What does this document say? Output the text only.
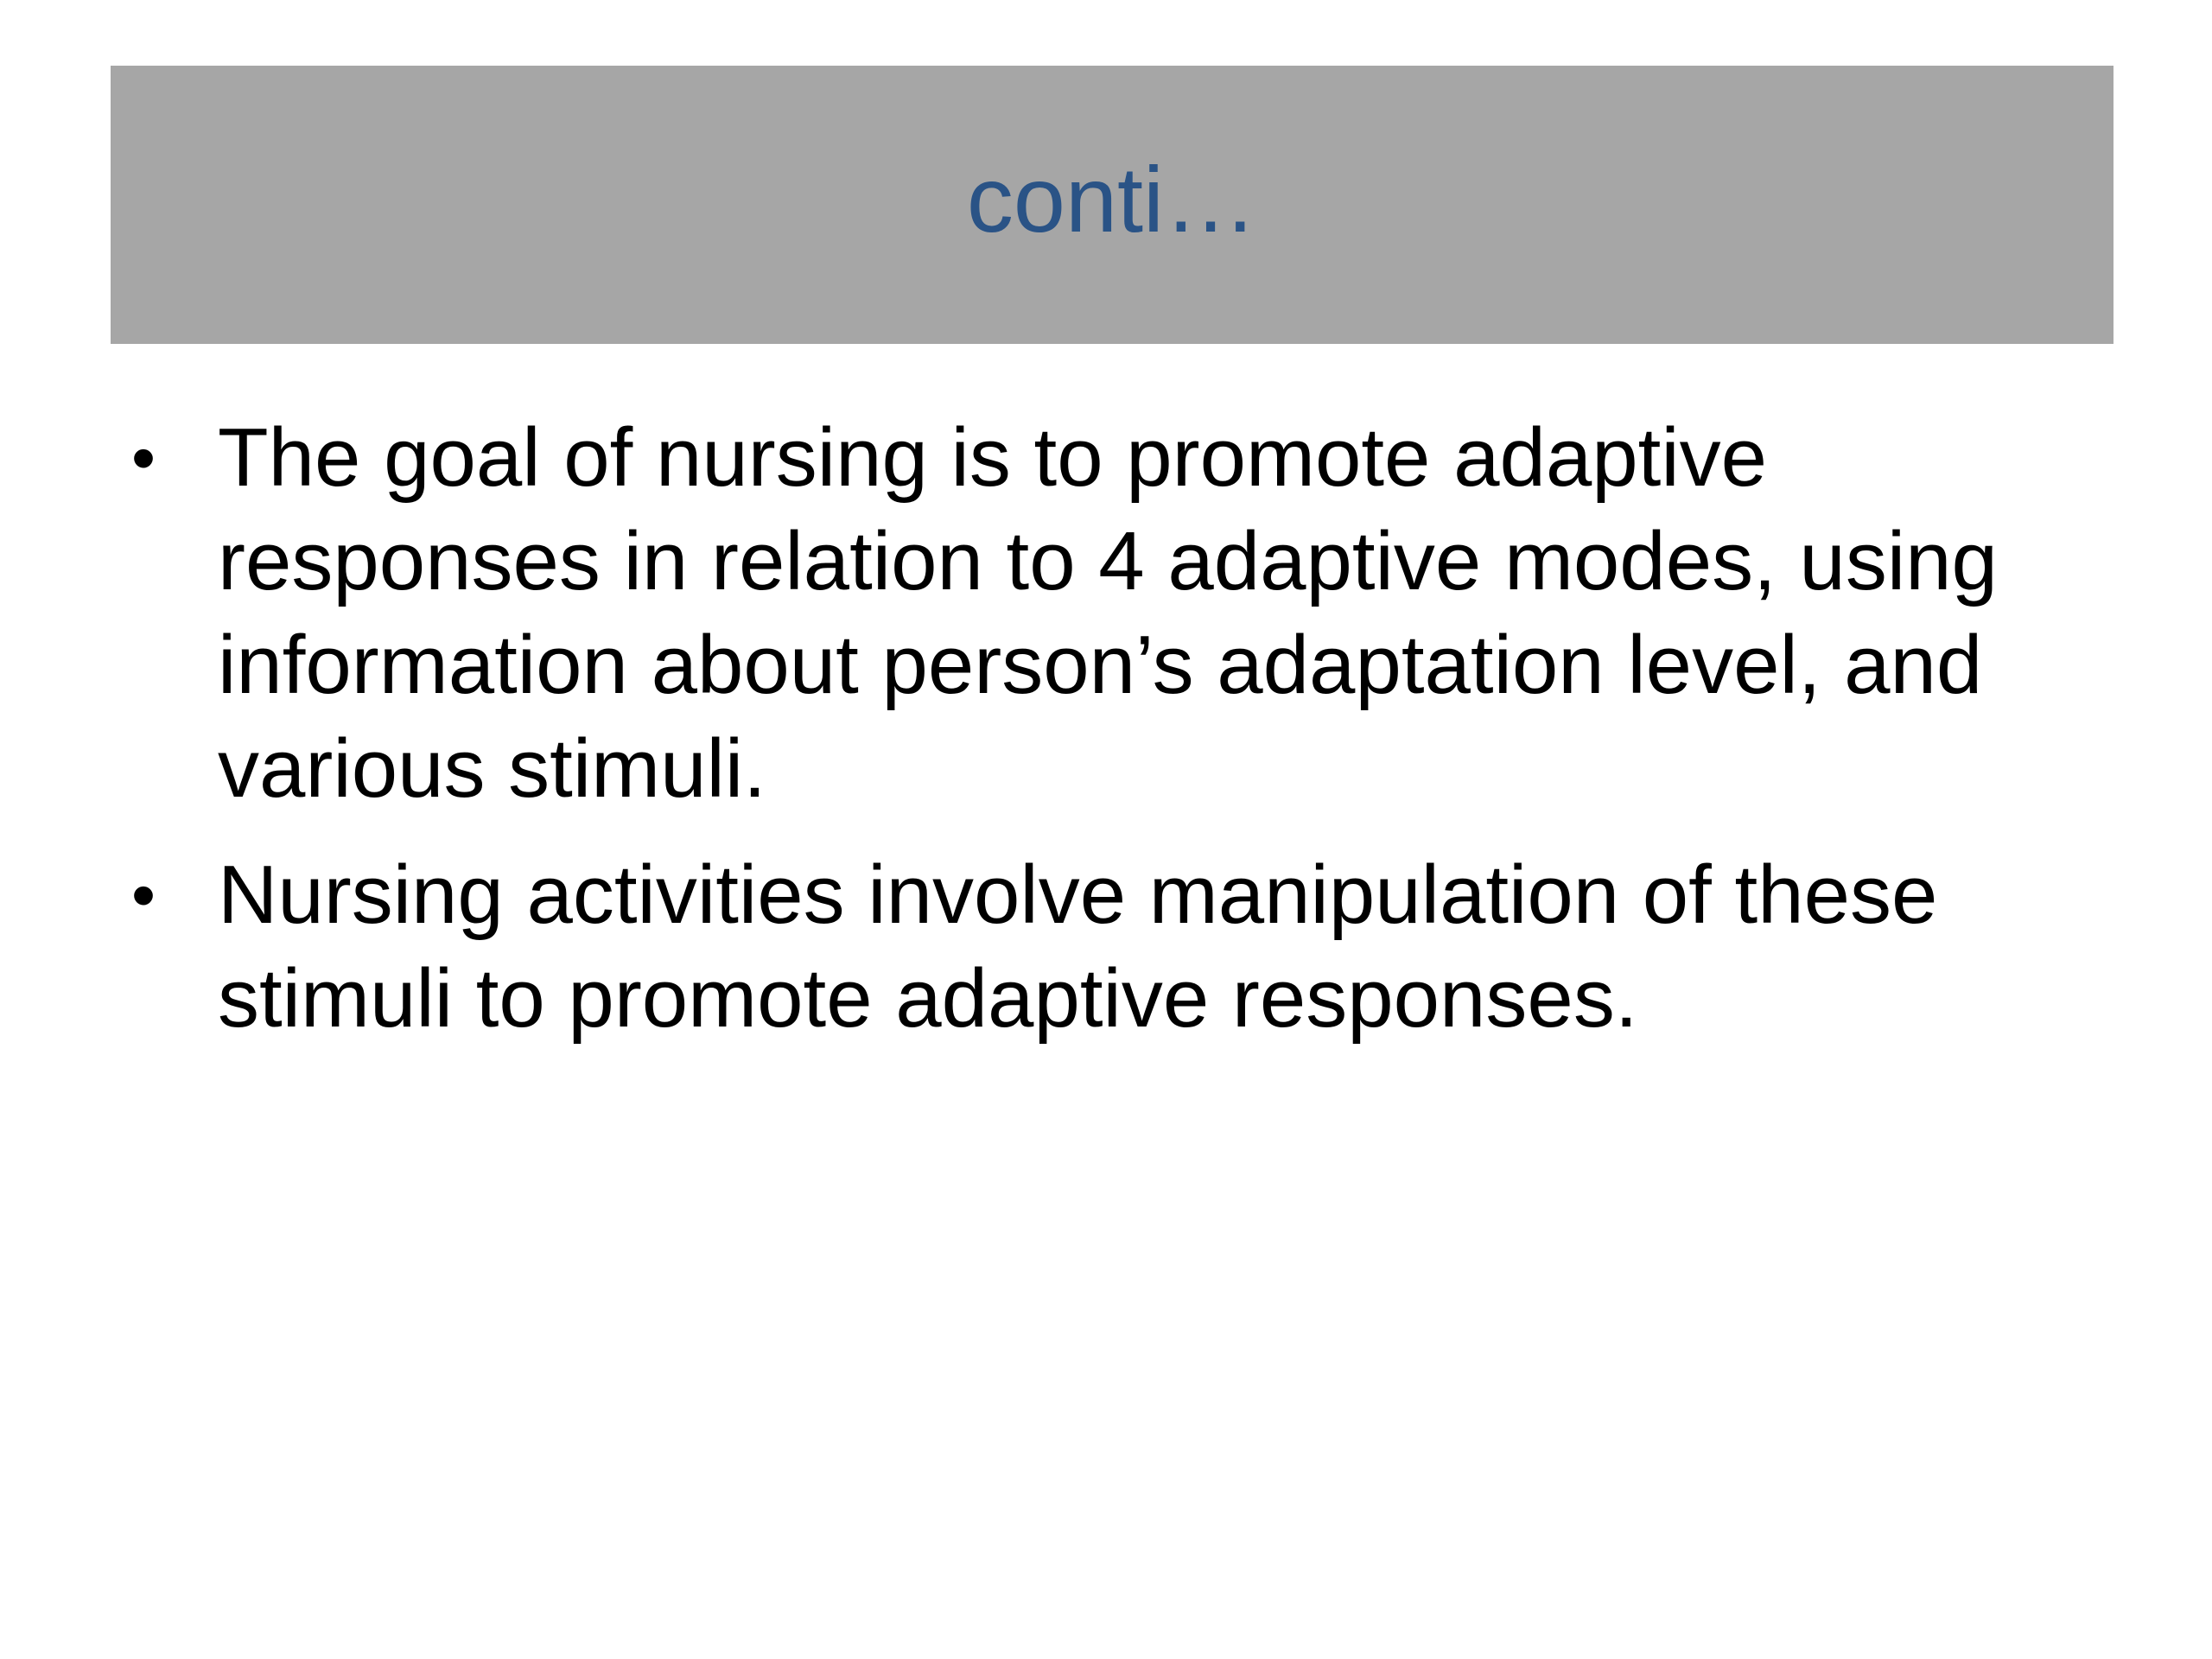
conti…
• The goal of nursing is to promote adaptive responses in relation to 4 adaptive modes, using information about person’s adaptation level, and various stimuli.
• Nursing activities involve manipulation of these stimuli to promote adaptive responses.
